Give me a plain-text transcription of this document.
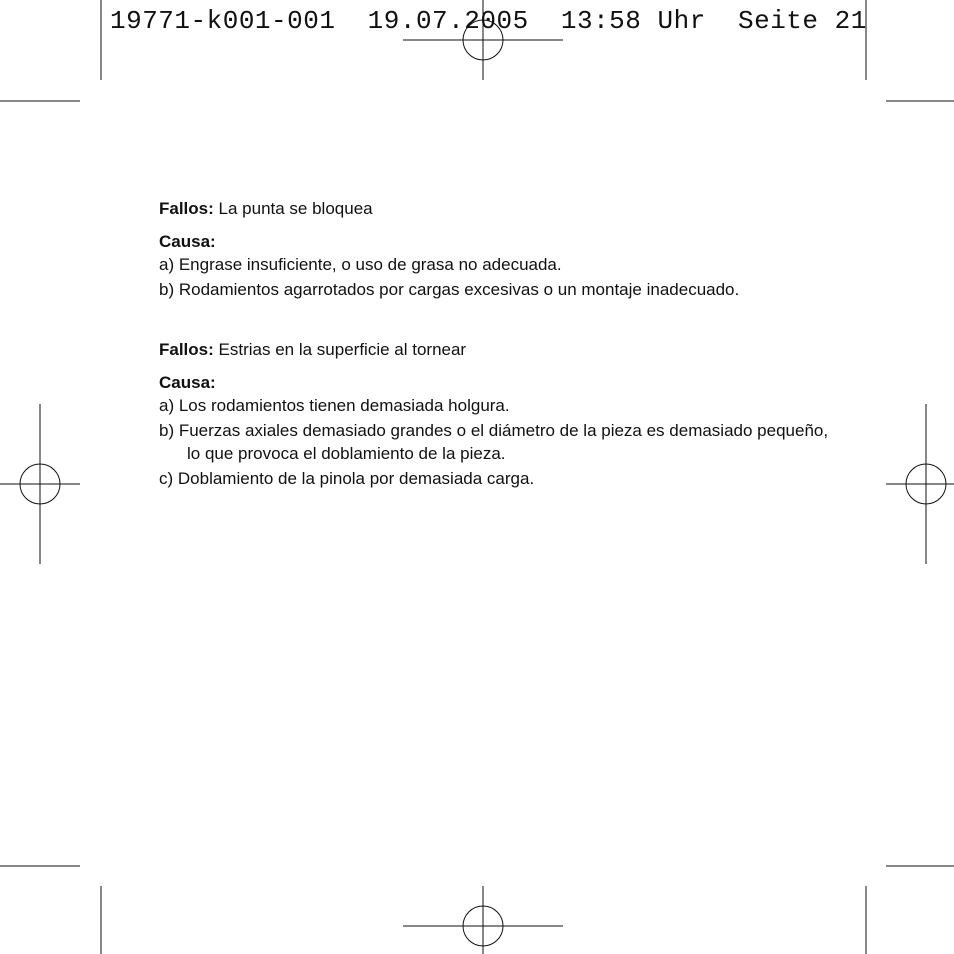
19771-k001-001  19.07.2005  13:58 Uhr  Seite 21

Fallos: La punta se bloquea

Causa:

a) Engrase insuficiente, o uso de grasa no adecuada.

b) Rodamientos agarrotados por cargas excesivas o un montaje inadecuado.

Fallos: Estrias en la superficie al tornear

Causa:

a) Los rodamientos tienen demasiada holgura.

b) Fuerzas axiales demasiado grandes o el diámetro de la pieza es demasiado pequeño, lo que provoca el doblamiento de la pieza.

c) Doblamiento de la pinola por demasiada carga.
